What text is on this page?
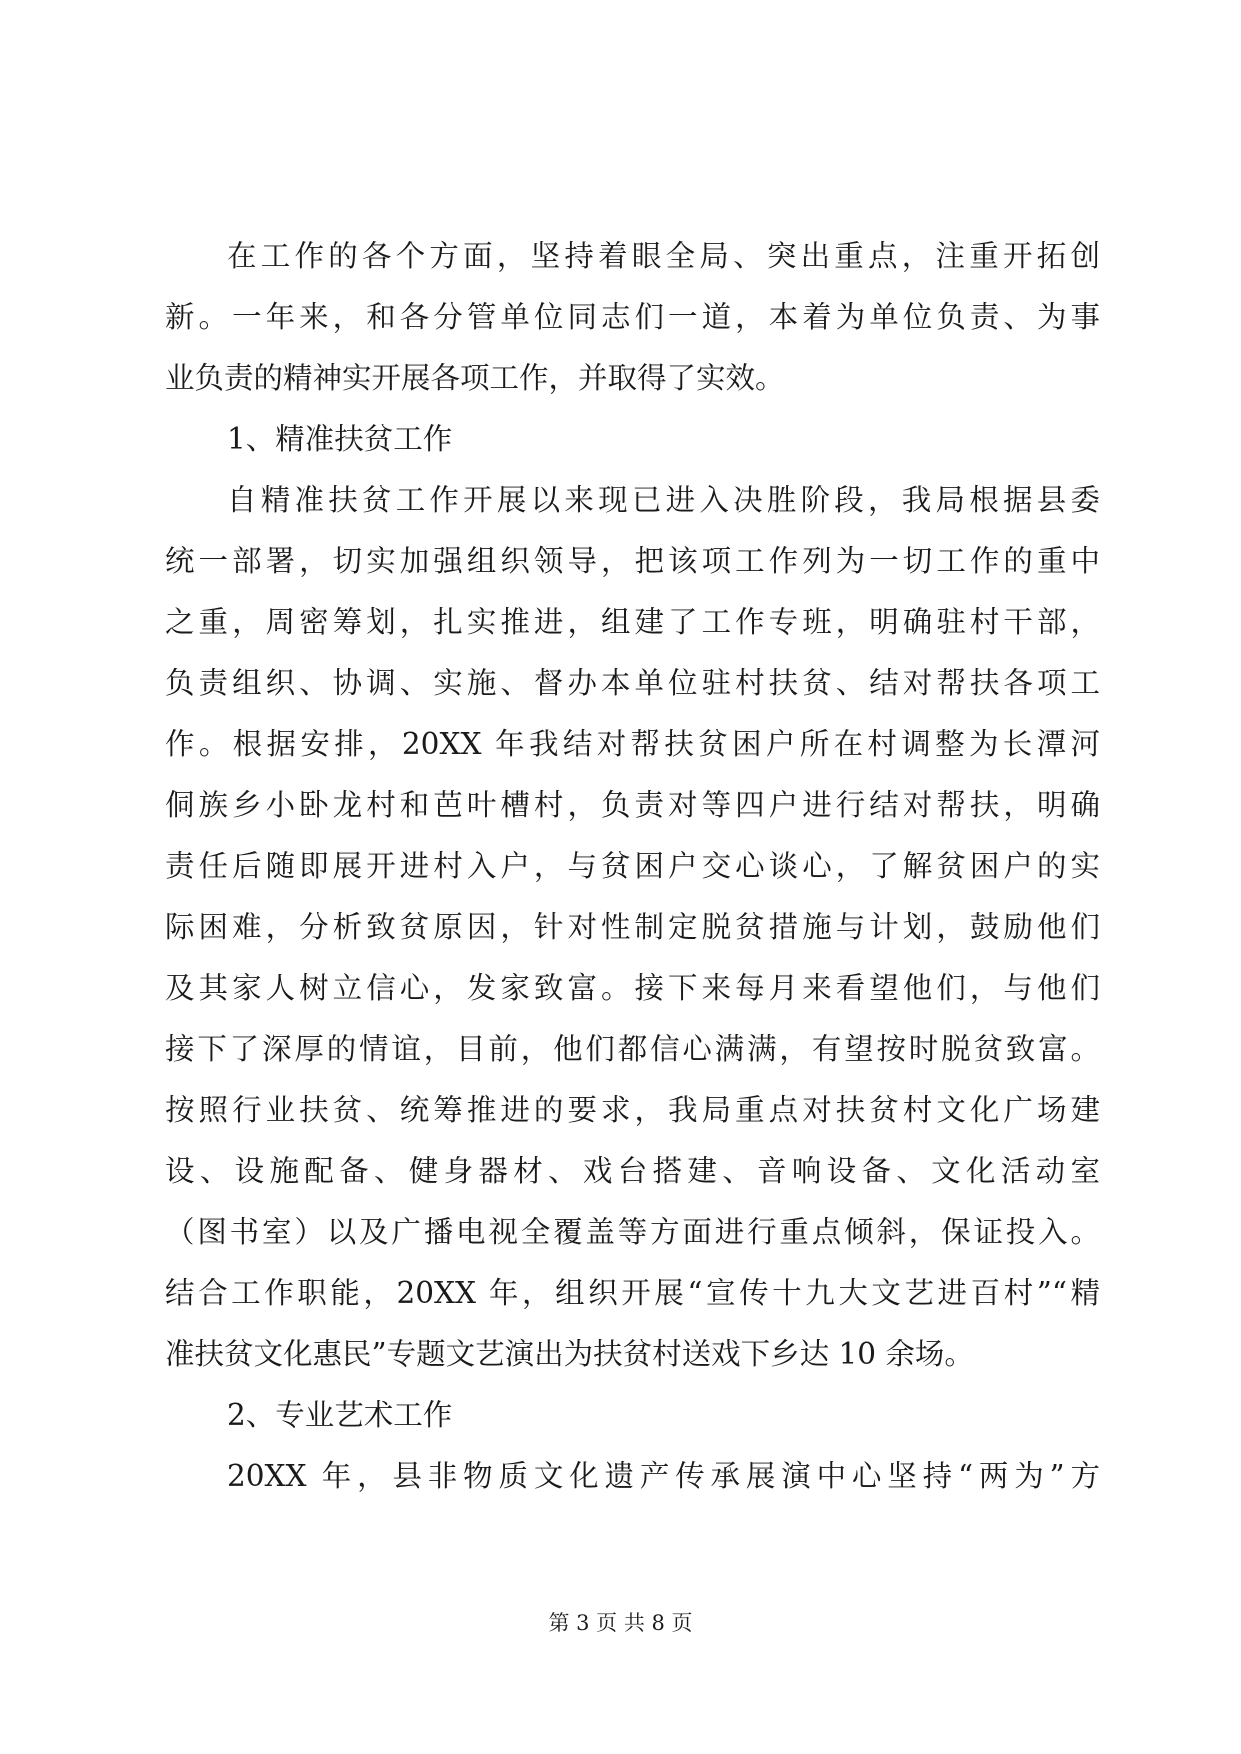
在工作的各个方面，坚持着眼全局、突出重点，注重开拓创
新。一年来，和各分管单位同志们一道，本着为单位负责、为事
业负责的精神实开展各项工作，并取得了实效。
1、精准扶贫工作
自精准扶贫工作开展以来现已进入决胜阶段，我局根据县委
统一部署，切实加强组织领导，把该项工作列为一切工作的重中
之重，周密筹划，扎实推进，组建了工作专班，明确驻村干部，
负责组织、协调、实施、督办本单位驻村扶贫、结对帮扶各项工
作。根据安排，20XX 年我结对帮扶贫困户所在村调整为长潭河
侗族乡小卧龙村和芭叶槽村，负责对等四户进行结对帮扶，明确
责任后随即展开进村入户，与贫困户交心谈心，了解贫困户的实
际困难，分析致贫原因，针对性制定脱贫措施与计划，鼓励他们
及其家人树立信心，发家致富。接下来每月来看望他们，与他们
接下了深厚的情谊，目前，他们都信心满满，有望按时脱贫致富。
按照行业扶贫、统筹推进的要求，我局重点对扶贫村文化广场建
设、设施配备、健身器材、戏台搭建、音响设备、文化活动室
（图书室）以及广播电视全覆盖等方面进行重点倾斜，保证投入。
结合工作职能，20XX 年，组织开展“宣传十九大文艺进百村”“精
准扶贫文化惠民”专题文艺演出为扶贫村送戏下乡达 10 余场。
2、专业艺术工作
20XX 年，县非物质文化遗产传承展演中心坚持“两为”方
第 3 页 共 8 页
